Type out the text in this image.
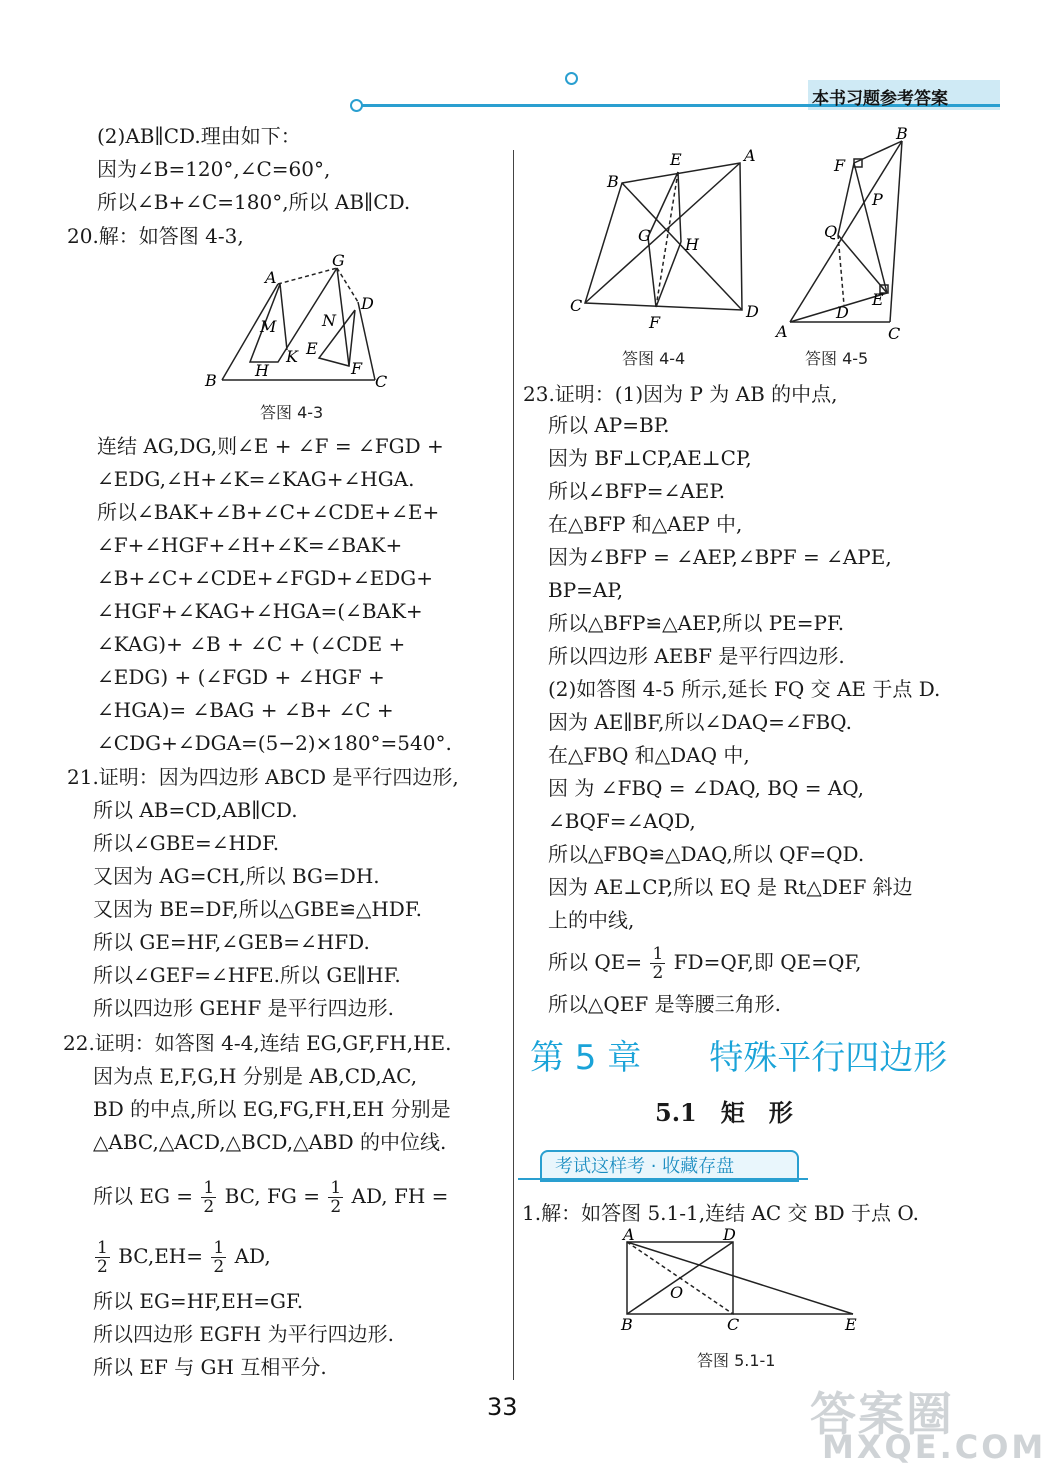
本书习题参考答案
(2)AB∥CD.理由如下：
因为∠B=120°,∠C=60°,
所以∠B+∠C=180°,所以 AB∥CD.
20.解：如答图 4-3,
A
G
D
M	N
K E
H	F
B	C
答图 4-3
连结 AG,DG,则∠E + ∠F = ∠FGD +
∠EDG,∠H+∠K=∠KAG+∠HGA.
所以∠BAK+∠B+∠C+∠CDE+∠E+
∠F+∠HGF+∠H+∠K=∠BAK+
∠B+∠C+∠CDE+∠FGD+∠EDG+
∠HGF+∠KAG+∠HGA=(∠BAK+
∠KAG)+ ∠B + ∠C + (∠CDE +
∠EDG) + (∠FGD + ∠HGF +
∠HGA)= ∠BAG + ∠B+ ∠C +
∠CDG+∠DGA=(5−2)×180°=540°.
21.证明：因为四边形 ABCD 是平行四边形,
所以 AB=CD,AB∥CD.
所以∠GBE=∠HDF.
又因为 AG=CH,所以 BG=DH.
又因为 BE=DF,所以△GBE≌△HDF.
所以 GE=HF,∠GEB=∠HFD.
所以∠GEF=∠HFE.所以 GE∥HF.
所以四边形 GEHF 是平行四边形.
22.证明：如答图 4-4,连结 EG,GF,FH,HE.
因为点 E,F,G,H 分别是 AB,CD,AC,
BD 的中点,所以 EG,FG,FH,EH 分别是
△ABC,△ACD,△BCD,△ABD 的中位线.
所以 EG = $\frac{1}{2}$ BC, FG = $\frac{1}{2}$ AD, FH =
$\frac{1}{2} BC,EH= \frac{1}{2}$ AD,
所以 EG=HF,EH=GF.
所以四边形 EGFH 为平行四边形.
所以 EF 与 GH 互相平分.
E	A
B
G H
C	D
F
答图 4-4
B
F
P
Q
E
D
A	C
答图 4-5
23.证明：(1)因为 P 为 AB 的中点,
所以 AP=BP.
因为 BF⊥CP,AE⊥CP,
所以∠BFP=∠AEP.
在△BFP 和△AEP 中,
因为∠BFP = ∠AEP,∠BPF = ∠APE,
BP=AP,
所以△BFP≌△AEP,所以 PE=PF.
所以四边形 AEBF 是平行四边形.
(2)如答图 4-5 所示,延长 FQ 交 AE 于点 D.
因为 AE∥BF,所以∠DAQ=∠FBQ.
在△FBQ 和△DAQ 中,
因 为 ∠FBQ = ∠DAQ, BQ = AQ,
∠BQF=∠AQD,
所以△FBQ≌△DAQ,所以 QF=QD.
因为 AE⊥CP,所以 EQ 是 Rt△DEF 斜边
上的中线,
所以 $QE= \frac{1}{2} FD=QF$,即 QE=QF,
所以△QEF 是等腰三角形.
第 5 章　　特殊平行四边形
5.1　矩　形
考试这样考 · 收藏存盘
1.解：如答图 5.1-1,连结 AC 交 BD 于点 O.
A	D
O
B	C	E
答图 5.1-1
33	答案圈
MXQE.COM
